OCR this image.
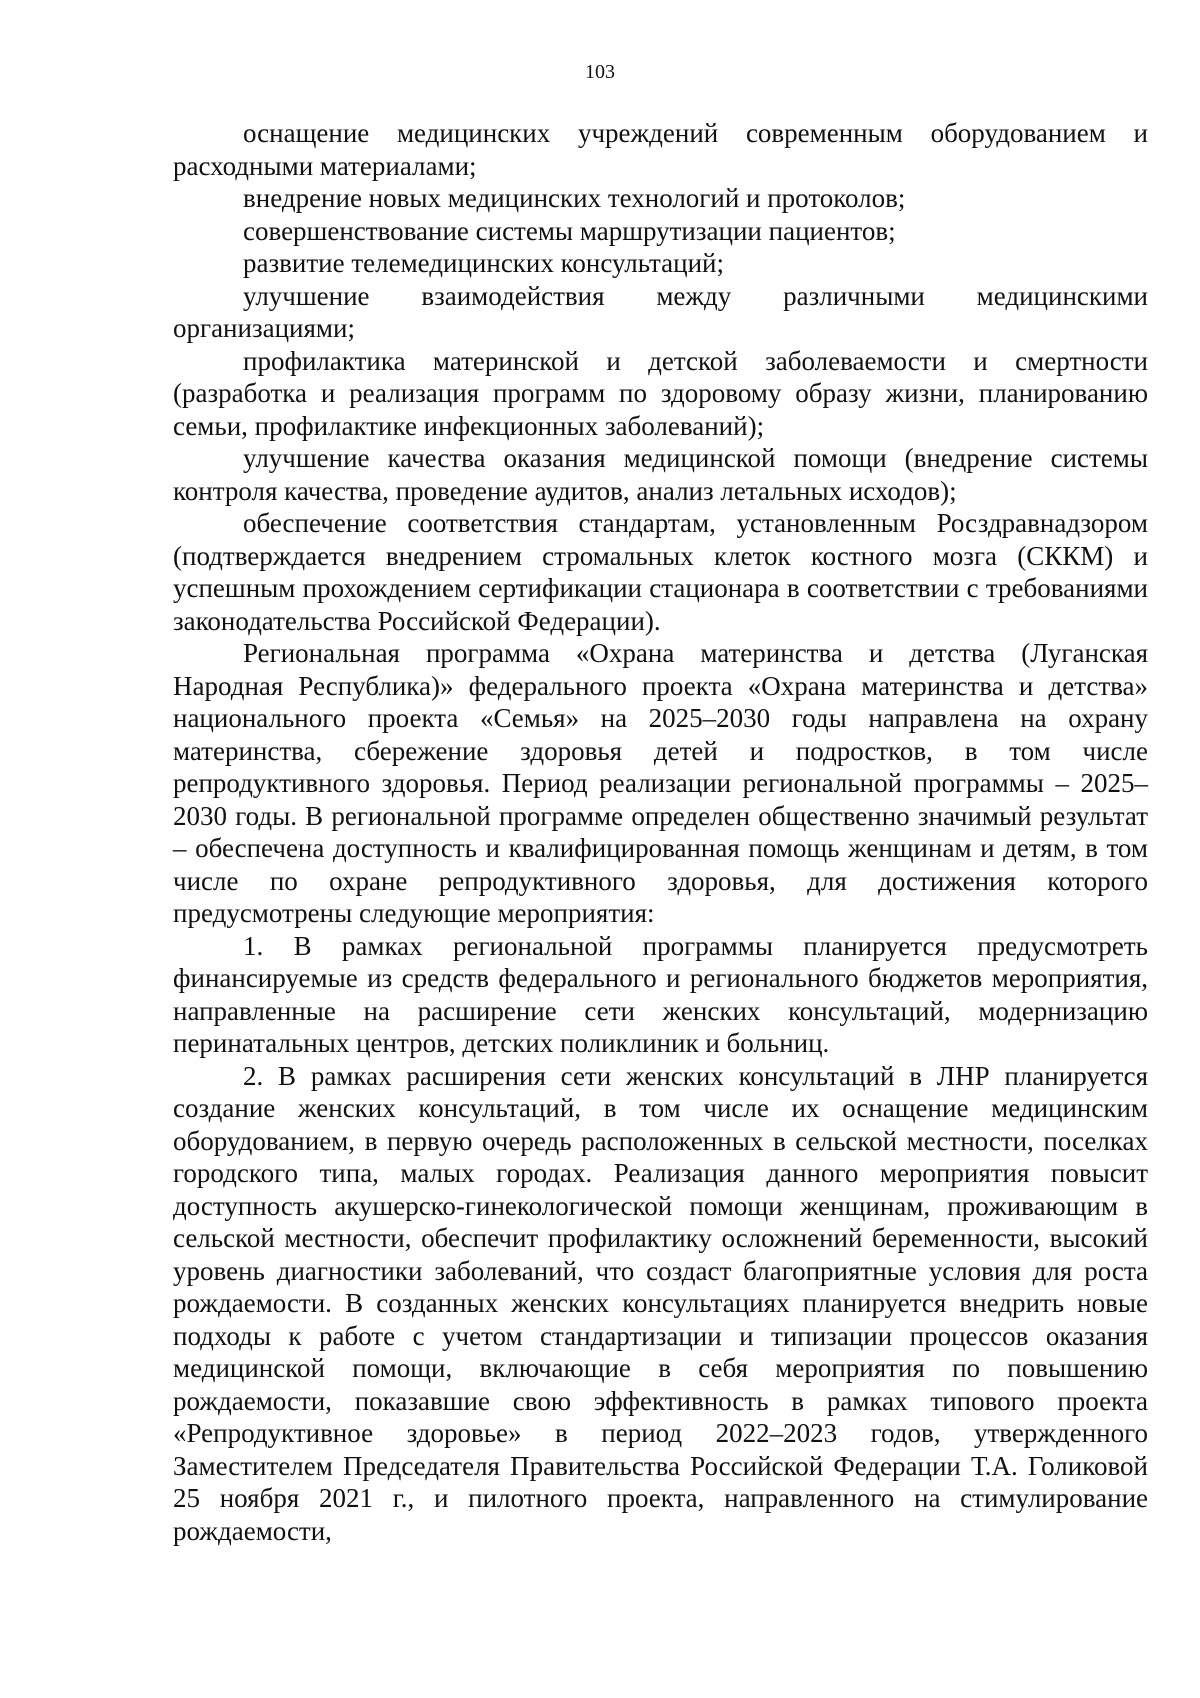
103

оснащение медицинских учреждений современным оборудованием и расходными материалами;

внедрение новых медицинских технологий и протоколов;

совершенствование системы маршрутизации пациентов;

развитие телемедицинских консультаций;

улучшение взаимодействия между различными медицинскими организациями;

профилактика материнской и детской заболеваемости и смертности (разработка и реализация программ по здоровому образу жизни, планированию семьи, профилактике инфекционных заболеваний);

улучшение качества оказания медицинской помощи (внедрение системы контроля качества, проведение аудитов, анализ летальных исходов);

обеспечение соответствия стандартам, установленным Росздравнадзором (подтверждается внедрением стромальных клеток костного мозга (СККМ) и успешным прохождением сертификации стационара в соответствии с требованиями законодательства Российской Федерации).

Региональная программа «Охрана материнства и детства (Луганская Народная Республика)» федерального проекта «Охрана материнства и детства» национального проекта «Семья» на 2025–2030 годы направлена на охрану материнства, сбережение здоровья детей и подростков, в том числе репродуктивного здоровья. Период реализации региональной программы – 2025–2030 годы. В региональной программе определен общественно значимый результат – обеспечена доступность и квалифицированная помощь женщинам и детям, в том числе по охране репродуктивного здоровья, для достижения которого предусмотрены следующие мероприятия:

1. В рамках региональной программы планируется предусмотреть финансируемые из средств федерального и регионального бюджетов мероприятия, направленные на расширение сети женских консультаций, модернизацию перинатальных центров, детских поликлиник и больниц.

2. В рамках расширения сети женских консультаций в ЛНР планируется создание женских консультаций, в том числе их оснащение медицинским оборудованием, в первую очередь расположенных в сельской местности, поселках городского типа, малых городах. Реализация данного мероприятия повысит доступность акушерско-гинекологической помощи женщинам, проживающим в сельской местности, обеспечит профилактику осложнений беременности, высокий уровень диагностики заболеваний, что создаст благоприятные условия для роста рождаемости. В созданных женских консультациях планируется внедрить новые подходы к работе с учетом стандартизации и типизации процессов оказания медицинской помощи, включающие в себя мероприятия по повышению рождаемости, показавшие свою эффективность в рамках типового проекта «Репродуктивное здоровье» в период 2022–2023 годов, утвержденного Заместителем Председателя Правительства Российской Федерации Т.А. Голиковой 25 ноября 2021 г., и пилотного проекта, направленного на стимулирование рождаемости,
